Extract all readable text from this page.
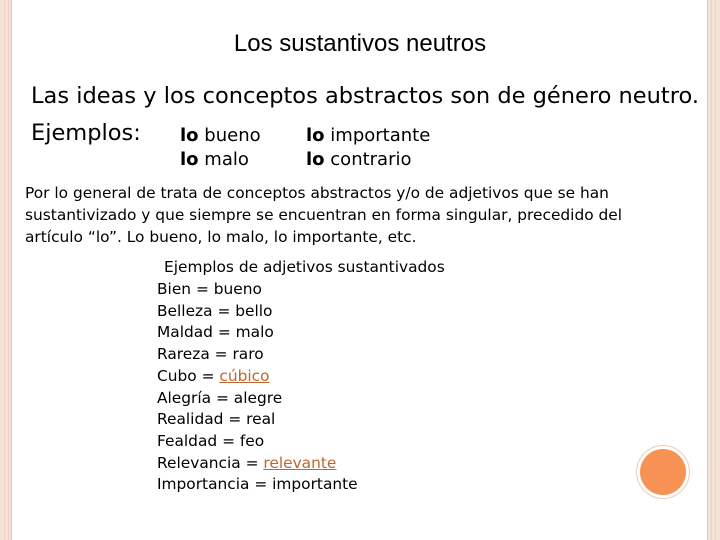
Los sustantivos neutros
Las ideas y los conceptos abstractos son de género neutro.
Ejemplos: lo bueno
lo malo
lo importante
lo contrario
Por lo general de trata de conceptos abstractos y/o de adjetivos que se han sustantivizado y que siempre se encuentran en forma singular, precedido del artículo “lo”. Lo bueno, lo malo, lo importante, etc.
Ejemplos de adjetivos sustantivados
Bien = bueno
Belleza = bello
Maldad = malo
Rareza = raro
Cubo = cúbico
Alegría = alegre
Realidad = real
Fealdad = feo
Relevancia = relevante
Importancia = importante
